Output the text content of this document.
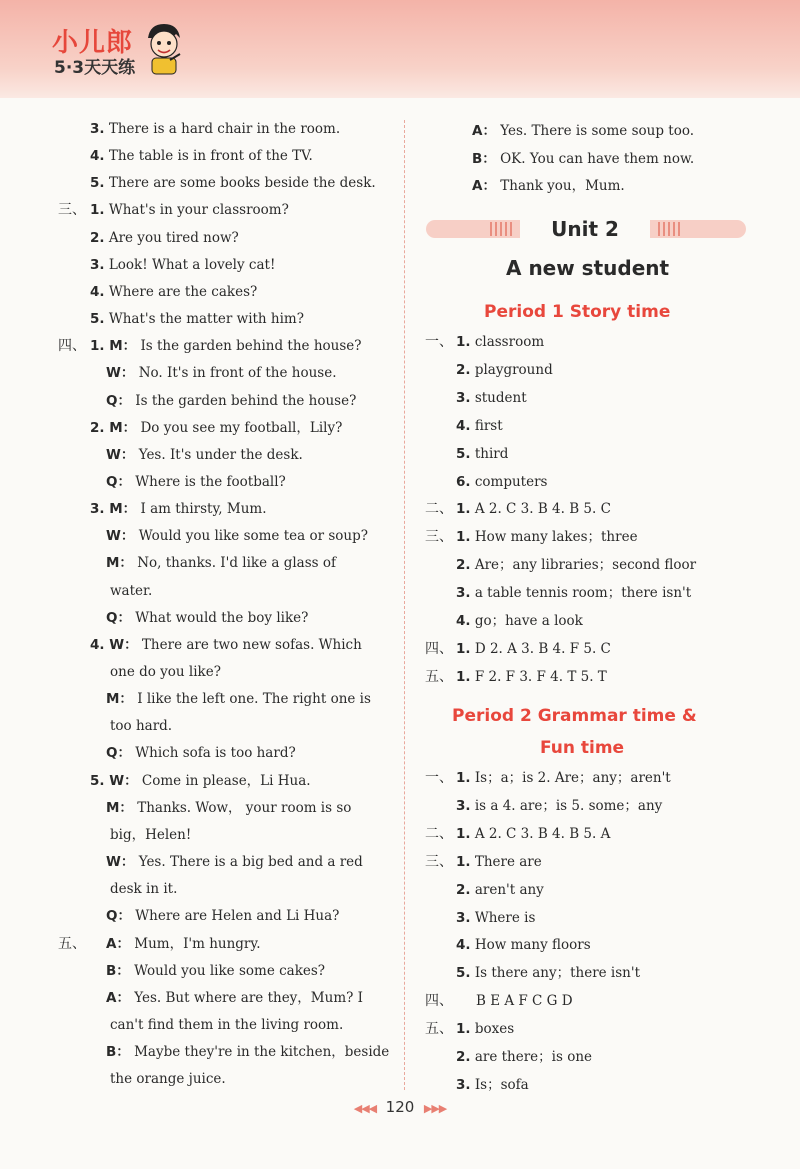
小儿郎
5·3天天练
3. There is a hard chair in the room.
4. The table is in front of the TV.
5. There are some books beside the desk.
三、 1. What's in your classroom?
2. Are you tired now?
3. Look! What a lovely cat!
4. Where are the cakes?
5. What's the matter with him?
四、 1. M： Is the garden behind the house?
W： No. It's in front of the house.
Q： Is the garden behind the house?
2. M： Do you see my football，Lily?
W： Yes. It's under the desk.
Q： Where is the football?
3. M： I am thirsty, Mum.
W： Would you like some tea or soup?
M： No, thanks. I'd like a glass of
water.
Q： What would the boy like?
4. W： There are two new sofas. Which
one do you like?
M： I like the left one. The right one is
too hard.
Q： Which sofa is too hard?
5. W： Come in please，Li Hua.
M： Thanks. Wow， your room is so
big，Helen!
W： Yes. There is a big bed and a red
desk in it.
Q： Where are Helen and Li Hua?
五、 A： Mum，I'm hungry.
B： Would you like some cakes?
A： Yes. But where are they，Mum? I
can't find them in the living room.
B： Maybe they're in the kitchen，beside
the orange juice.
A： Yes. There is some soup too.
B： OK. You can have them now.
A： Thank you，Mum.
Unit 2
A new student
Period 1 Story time
一、 1. classroom
2. playground
3. student
4. first
5. third
6. computers
二、 1. A 2. C 3. B 4. B 5. C
三、 1. How many lakes；three
2. Are；any libraries；second floor
3. a table tennis room；there isn't
4. go；have a look
四、 1. D 2. A 3. B 4. F 5. C
五、 1. F 2. F 3. F 4. T 5. T
Period 2 Grammar time &
Fun time
一、 1. Is；a；is 2. Are；any；aren't
3. is a 4. are；is 5. some；any
二、 1. A 2. C 3. B 4. B 5. A
三、 1. There are
2. aren't any
3. Where is
4. How many floors
5. Is there any；there isn't
四、 B E A F C G D
五、 1. boxes
2. are there；is one
3. Is；sofa
◀◀◀ 120 ▶▶▶
